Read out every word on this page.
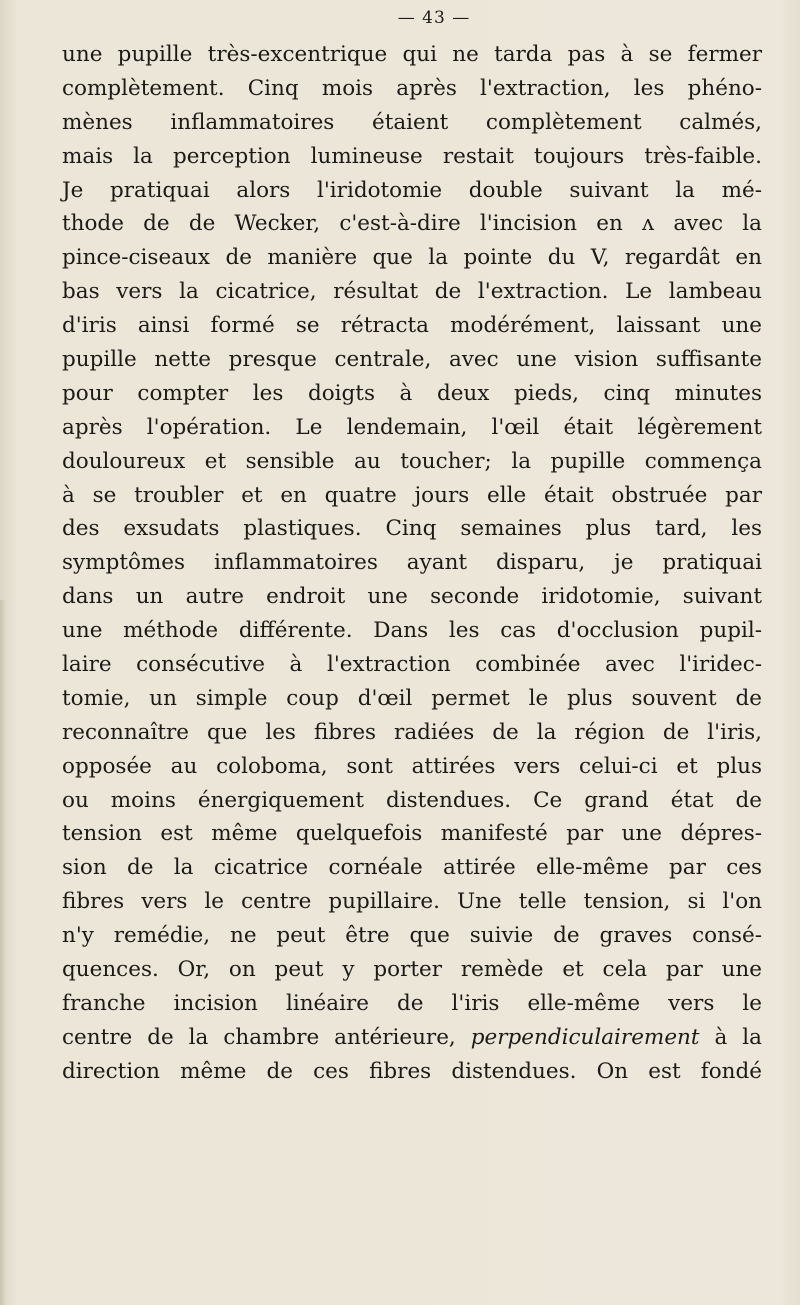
— 43 —
une pupille très-excentrique qui ne tarda pas à se fermer
complètement. Cinq mois après l'extraction, les phéno-
mènes inflammatoires étaient complètement calmés,
mais la perception lumineuse restait toujours très-faible.
Je pratiquai alors l'iridotomie double suivant la mé-
thode de de Wecker, c'est-à-dire l'incision en ʌ avec la
pince-ciseaux de manière que la pointe du V, regardât en
bas vers la cicatrice, résultat de l'extraction. Le lambeau
d'iris ainsi formé se rétracta modérément, laissant une
pupille nette presque centrale, avec une vision suffisante
pour compter les doigts à deux pieds, cinq minutes
après l'opération. Le lendemain, l'œil était légèrement
douloureux et sensible au toucher; la pupille commença
à se troubler et en quatre jours elle était obstruée par
des exsudats plastiques. Cinq semaines plus tard, les
symptômes inflammatoires ayant disparu, je pratiquai
dans un autre endroit une seconde iridotomie, suivant
une méthode différente. Dans les cas d'occlusion pupil-
laire consécutive à l'extraction combinée avec l'iridec-
tomie, un simple coup d'œil permet le plus souvent de
reconnaître que les fibres radiées de la région de l'iris,
opposée au coloboma, sont attirées vers celui-ci et plus
ou moins énergiquement distendues. Ce grand état de
tension est même quelquefois manifesté par une dépres-
sion de la cicatrice cornéale attirée elle-même par ces
fibres vers le centre pupillaire. Une telle tension, si l'on
n'y remédie, ne peut être que suivie de graves consé-
quences. Or, on peut y porter remède et cela par une
franche incision linéaire de l'iris elle-même vers le
centre de la chambre antérieure, perpendiculairement à la
direction même de ces fibres distendues. On est fondé
